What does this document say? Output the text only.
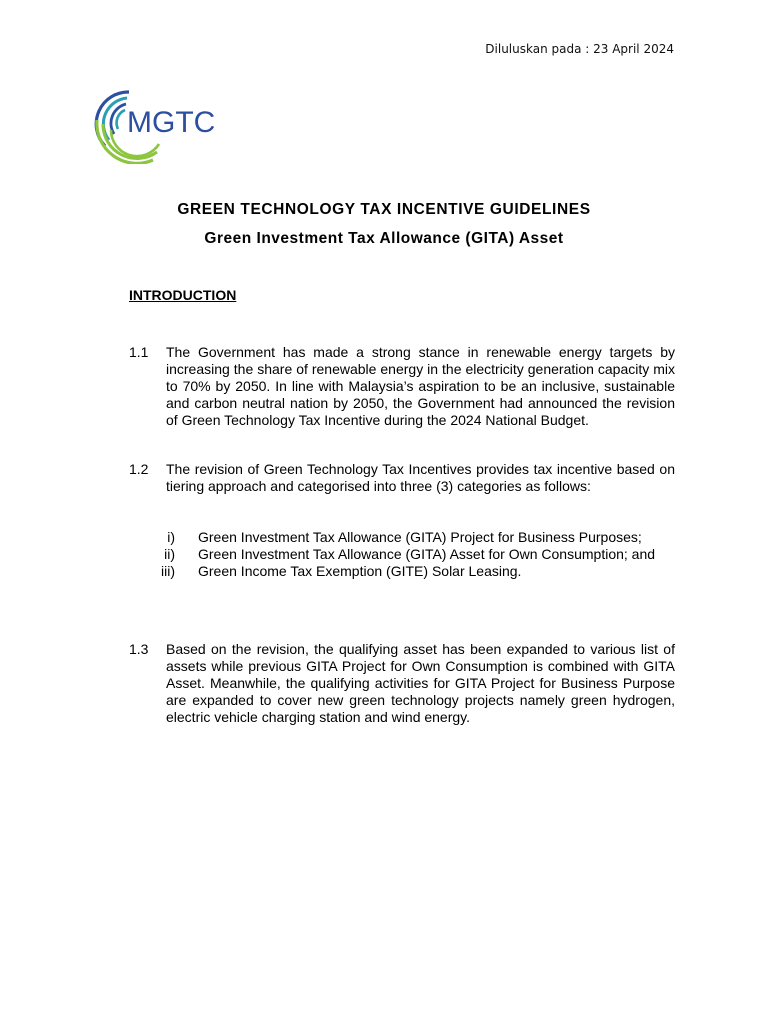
Diluluskan pada : 23 April 2024
MGTC
GREEN TECHNOLOGY TAX INCENTIVE GUIDELINES
Green Investment Tax Allowance (GITA) Asset
INTRODUCTION
1.1 The Government has made a strong stance in renewable energy targets by increasing the share of renewable energy in the electricity generation capacity mix to 70% by 2050. In line with Malaysia’s aspiration to be an inclusive, sustainable and carbon neutral nation by 2050, the Government had announced the revision of Green Technology Tax Incentive during the 2024 National Budget.
1.2 The revision of Green Technology Tax Incentives provides tax incentive based on tiering approach and categorised into three (3) categories as follows:
i) Green Investment Tax Allowance (GITA) Project for Business Purposes;
ii) Green Investment Tax Allowance (GITA) Asset for Own Consumption; and
iii) Green Income Tax Exemption (GITE) Solar Leasing.
1.3 Based on the revision, the qualifying asset has been expanded to various list of assets while previous GITA Project for Own Consumption is combined with GITA Asset. Meanwhile, the qualifying activities for GITA Project for Business Purpose are expanded to cover new green technology projects namely green hydrogen, electric vehicle charging station and wind energy.
